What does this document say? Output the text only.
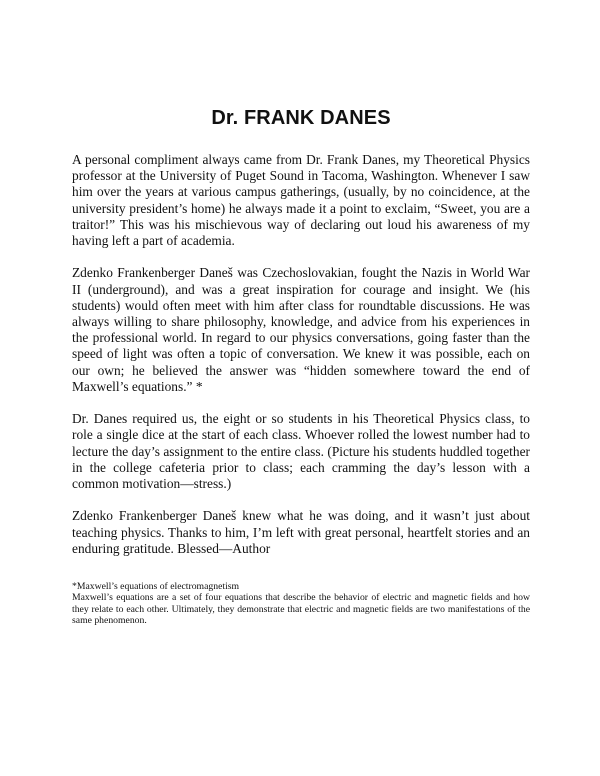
Dr. FRANK DANES

A personal compliment always came from Dr. Frank Danes, my Theoretical Physics professor at the University of Puget Sound in Tacoma, Washington. Whenever I saw him over the years at various campus gatherings, (usually, by no coincidence, at the university president’s home) he always made it a point to exclaim, “Sweet, you are a traitor!” This was his mischievous way of declaring out loud his awareness of my having left a part of academia.

Zdenko Frankenberger Daneš was Czechoslovakian, fought the Nazis in World War II (underground), and was a great inspiration for courage and insight. We (his students) would often meet with him after class for roundtable discussions. He was always willing to share philosophy, knowledge, and advice from his experiences in the professional world. In regard to our physics conversations, going faster than the speed of light was often a topic of conversation. We knew it was possible, each on our own; he believed the answer was “hidden somewhere toward the end of Maxwell’s equations.” *

Dr. Danes required us, the eight or so students in his Theoretical Physics class, to role a single dice at the start of each class. Whoever rolled the lowest number had to lecture the day’s assignment to the entire class. (Picture his students huddled together in the college cafeteria prior to class; each cramming the day’s lesson with a common motivation—stress.)

Zdenko Frankenberger Daneš knew what he was doing, and it wasn’t just about teaching physics. Thanks to him, I’m left with great personal, heartfelt stories and an enduring gratitude. Blessed—Author

*Maxwell’s equations of electromagnetism

Maxwell’s equations are a set of four equations that describe the behavior of electric and magnetic fields and how they relate to each other. Ultimately, they demonstrate that electric and magnetic fields are two manifestations of the same phenomenon.
